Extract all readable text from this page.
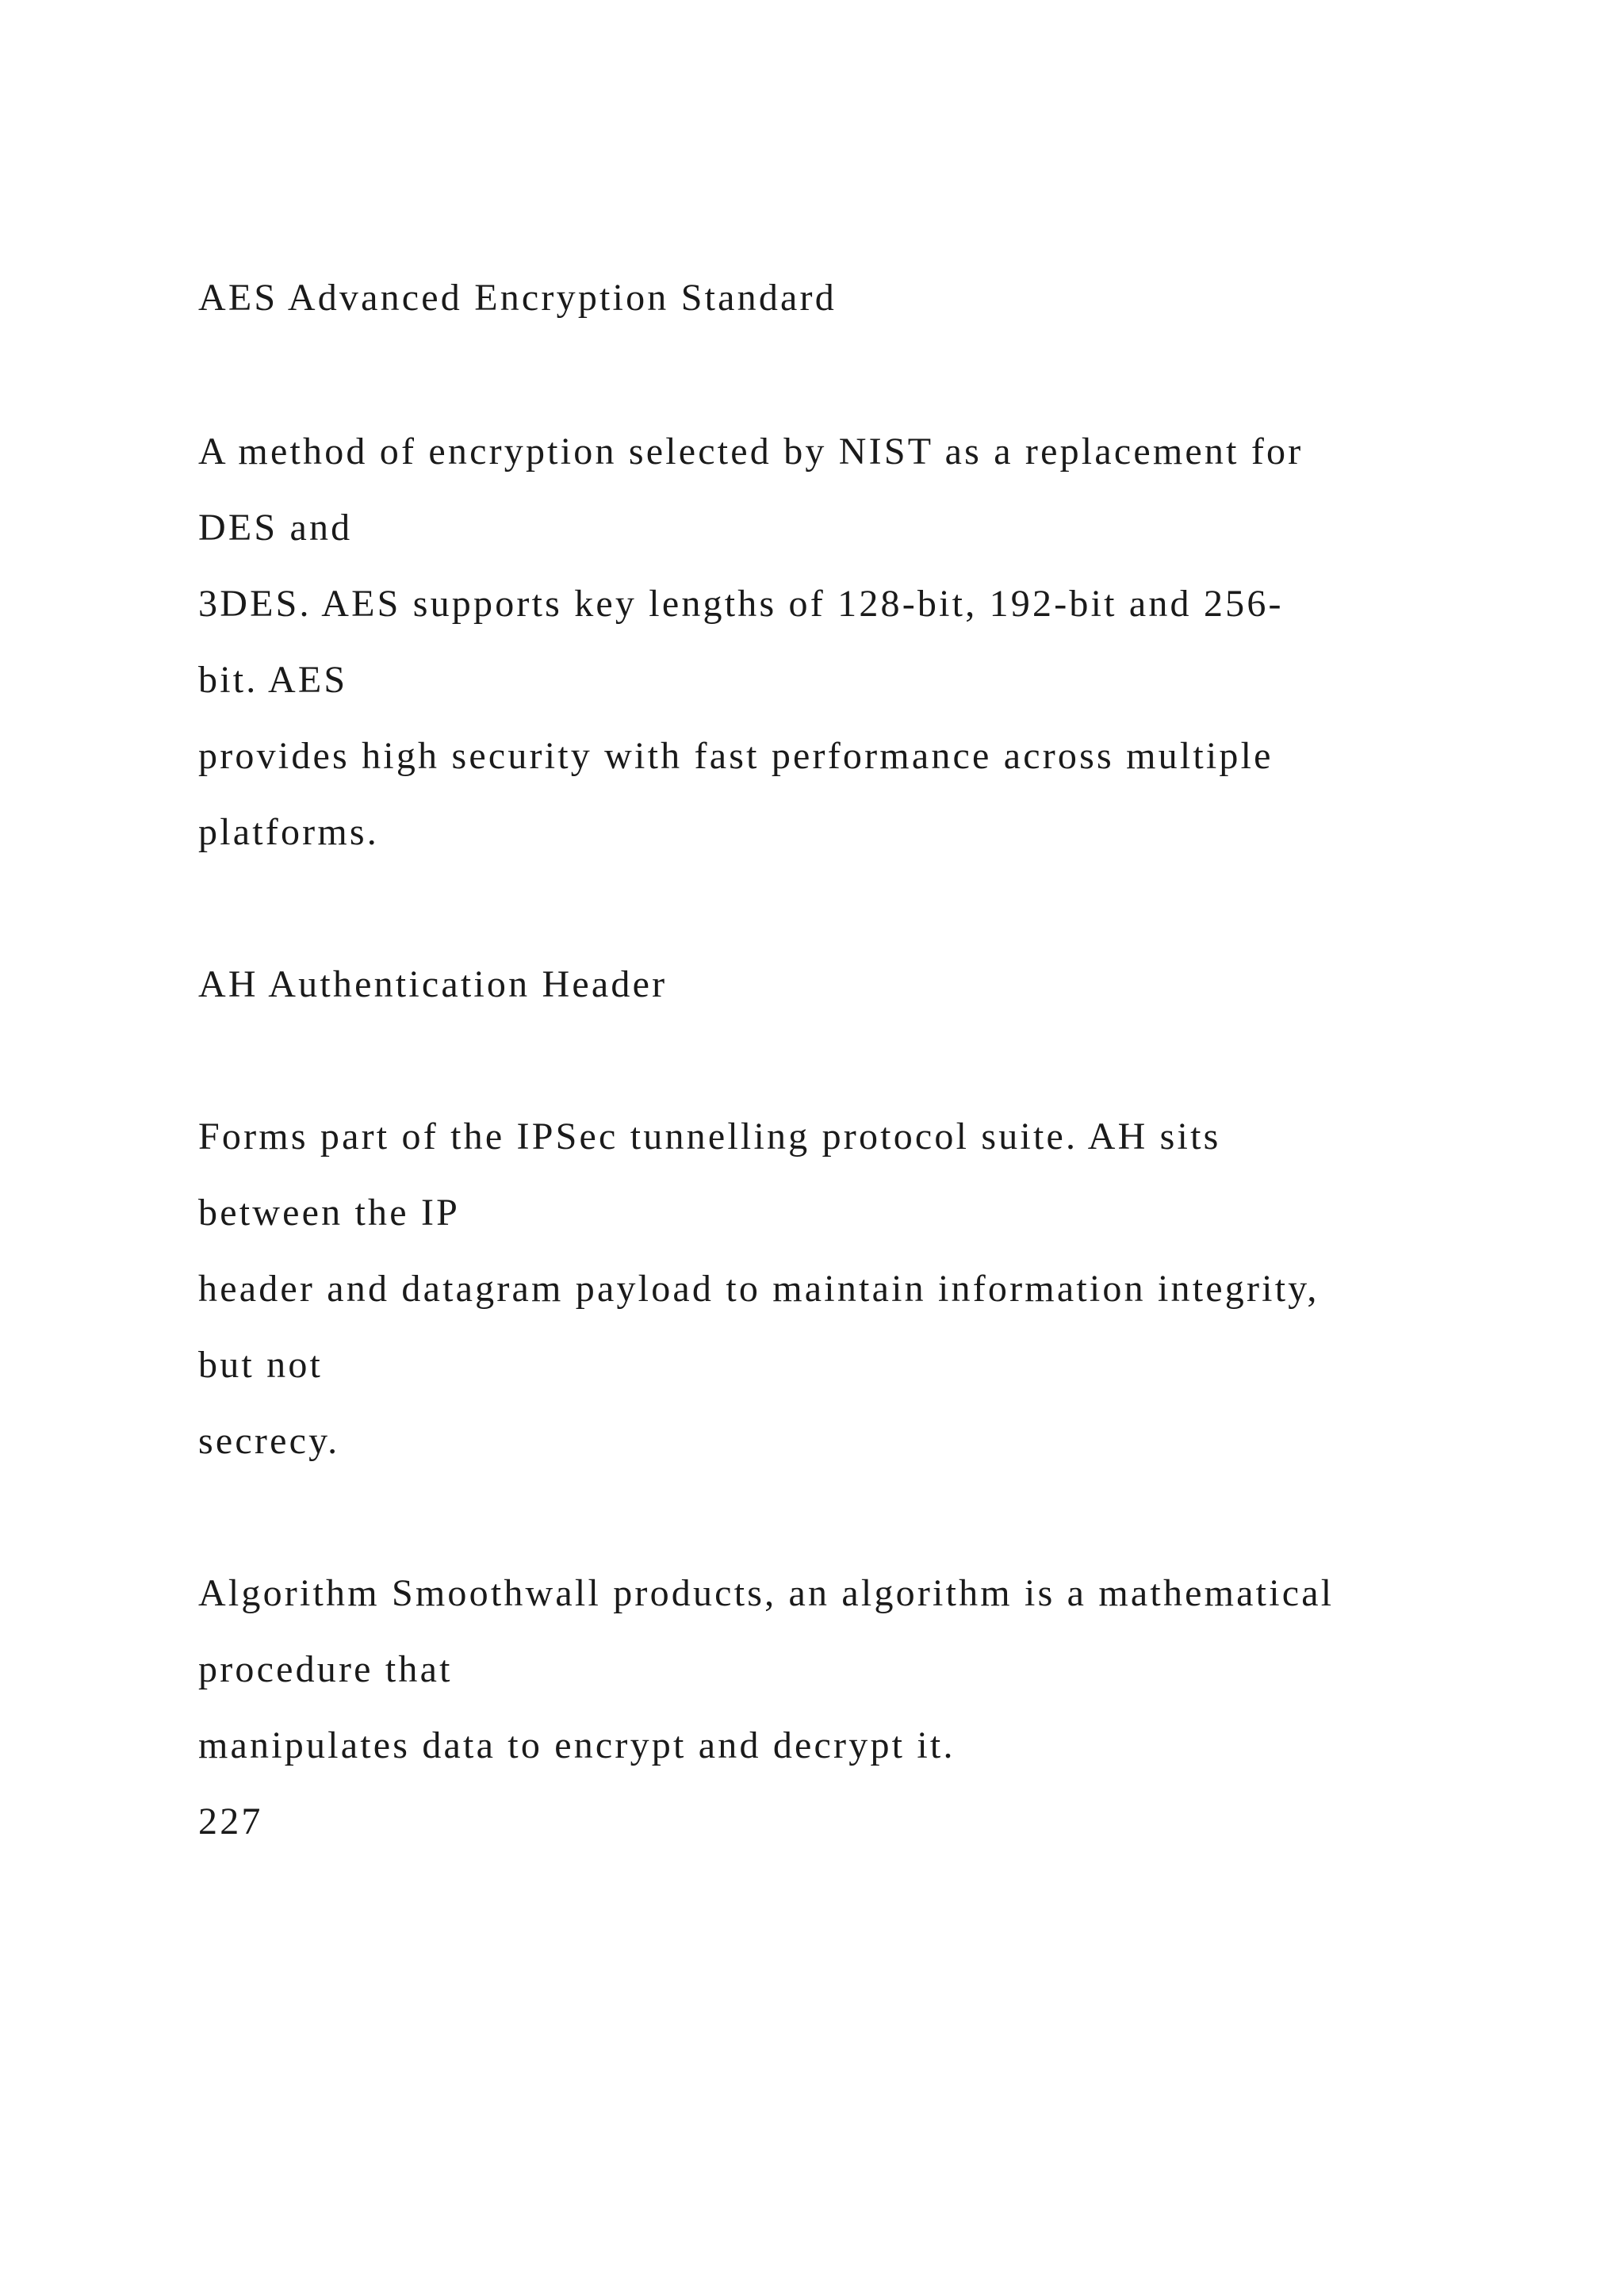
AES Advanced Encryption Standard

A method of encryption selected by NIST as a replacement for

DES and

3DES. AES supports key lengths of 128-bit, 192-bit and 256-

bit. AES

provides high security with fast performance across multiple

platforms.

AH Authentication Header

Forms part of the IPSec tunnelling protocol suite. AH sits

between the IP

header and datagram payload to maintain information integrity,

but not

secrecy.

Algorithm Smoothwall products, an algorithm is a mathematical

procedure that

manipulates data to encrypt and decrypt it.

227
